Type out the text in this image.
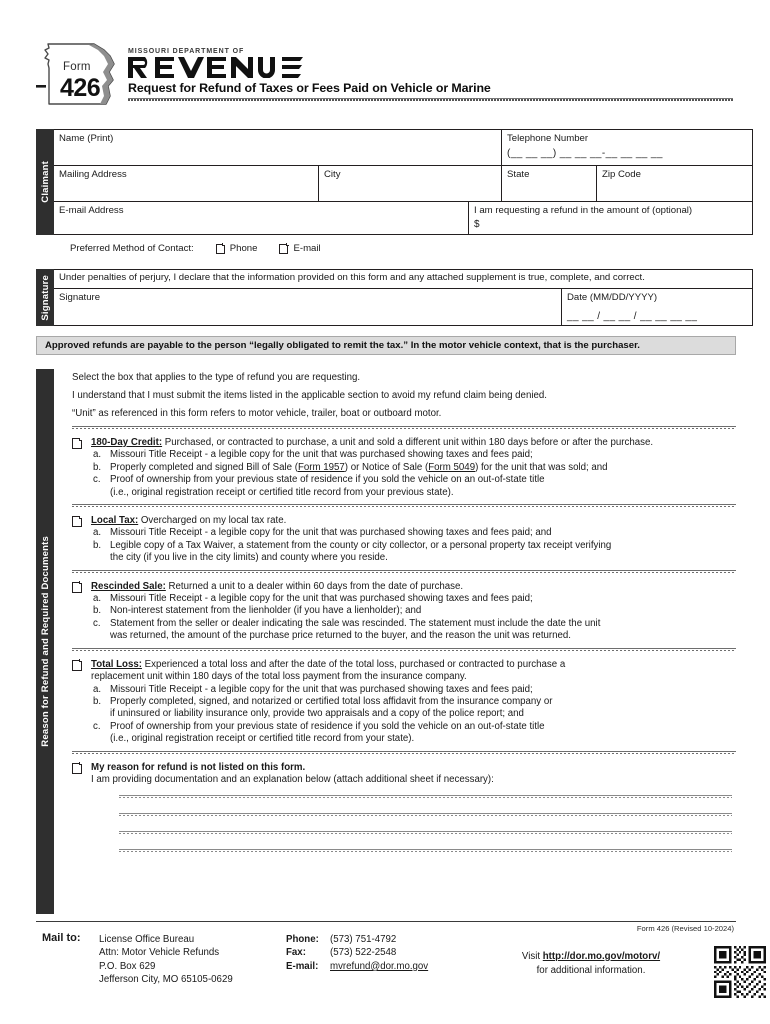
Form
426
MISSOURI DEPARTMENT OF
Request for Refund of Taxes or Fees Paid on Vehicle or Marine
Claimant
Name (Print)	Telephone Number
(__ __ __) __ __ __-__ __ __ __
Mailing Address	City	State	Zip Code
E-mail Address	I am requesting a refund in the amount of (optional)
$
Preferred Method of Contact:	Phone	E-mail
Signature Under penalties of perjury, I declare that the information provided on this form and any attached supplement is true, complete, and correct.
Signature	Date (MM/DD/YYYY)
__ __ / __ __ / __ __ __ __
Approved refunds are payable to the person “legally obligated to remit the tax.” In the motor vehicle context, that is the purchaser.
Reason for Refund and Required Documents

Select the box that applies to the type of refund you are requesting.

I understand that I must submit the items listed in the applicable section to avoid my refund claim being denied.

“Unit” as referenced in this form refers to motor vehicle, trailer, boat or outboard motor.

180-Day Credit: Purchased, or contracted to purchase, a unit and sold a different unit within 180 days before or after the purchase.
a. Missouri Title Receipt - a legible copy for the unit that was purchased showing taxes and fees paid;
b. Properly completed and signed Bill of Sale (Form 1957) or Notice of Sale (Form 5049) for the unit that was sold; and
c. Proof of ownership from your previous state of residence if you sold the vehicle on an out-of-state title
(i.e., original registration receipt or certified title record from your previous state).
Local Tax: Overcharged on my local tax rate.
a. Missouri Title Receipt - a legible copy for the unit that was purchased showing taxes and fees paid; and
b. Legible copy of a Tax Waiver, a statement from the county or city collector, or a personal property tax receipt verifying
the city (if you live in the city limits) and county where you reside.
Rescinded Sale: Returned a unit to a dealer within 60 days from the date of purchase.
a. Missouri Title Receipt - a legible copy for the unit that was purchased showing taxes and fees paid;
b. Non-interest statement from the lienholder (if you have a lienholder); and
c. Statement from the seller or dealer indicating the sale was rescinded. The statement must include the date the unit
was returned, the amount of the purchase price returned to the buyer, and the reason the unit was returned.
Total Loss: Experienced a total loss and after the date of the total loss, purchased or contracted to purchase a
replacement unit within 180 days of the total loss payment from the insurance company.
a. Missouri Title Receipt - a legible copy for the unit that was purchased showing taxes and fees paid;
b. Properly completed, signed, and notarized or certified total loss affidavit from the insurance company or
if uninsured or liability insurance only, provide two appraisals and a copy of the police report; and
c. Proof of ownership from your previous state of residence if you sold the vehicle on an out-of-state title
(i.e., original registration receipt or certified title record from your state).
My reason for refund is not listed on this form.
I am providing documentation and an explanation below (attach additional sheet if necessary):
Form 426 (Revised 10-2024)
Mail to: License Office Bureau
Attn: Motor Vehicle Refunds
P.O. Box 629
Jefferson City, MO 65105-0629
Phone: (573) 751-4792
Fax: (573) 522-2548
E-mail: mvrefund@dor.mo.gov
Visit http://dor.mo.gov/motorv/
for additional information.
